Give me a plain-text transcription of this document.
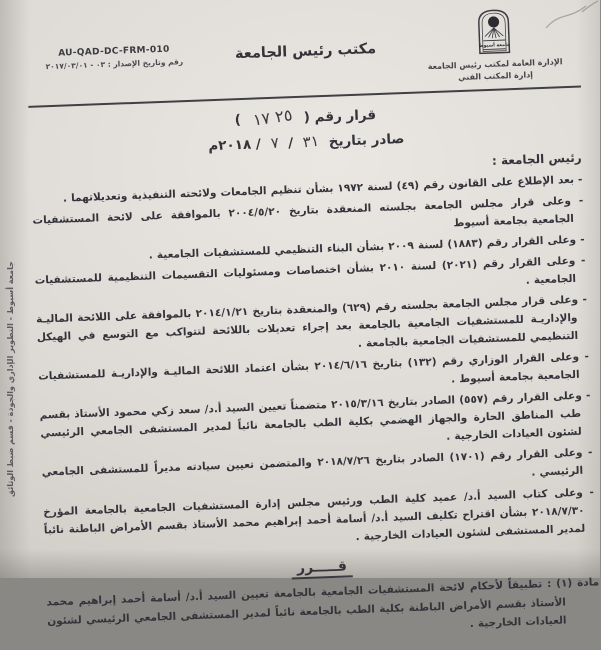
جامعة أسيوط
الإدارة العامة لمكتب رئيس الجامعة
إدارة المكتب الفني
مكتب رئيس الجامعة
AU-QAD-DC-FRM-010
رقم وتاريخ الإصدار : ٠٣ - ٢٠١٧/٠٣/٠١
قرار رقم ( ٢٥ ١٧ )
صادر بتاريخ ٣١ / ٧ / ٢٠١٨م
رئيس الجامعة :
- بعد الإطلاع على القانون رقم (٤٩) لسنة ١٩٧٢ بشأن تنظيم الجامعات ولائحته التنفيذية وتعديلاتهما .
- وعلى قرار مجلس الجامعة بجلسته المنعقدة بتاريخ ٢٠٠٤/٥/٢٠ بالموافقة على لائحة المستشفيات الجامعية بجامعة أسيوط
- وعلى القرار رقم (١٨٨٣) لسنة ٢٠٠٩ بشأن البناء التنظيمي للمستشفيات الجامعية .
- وعلى القرار رقم (٢٠٢١) لسنة ٢٠١٠ بشأن اختصاصات ومسئوليات التقسيمات التنظيمية للمستشفيات الجامعية .
- وعلى قرار مجلس الجامعة بجلسته رقم (٦٢٩) والمنعقدة بتاريخ ٢٠١٤/١/٢١ بالموافقة على اللائحة الماليـة والإداريـة للمستشفيات الجامعية بالجامعة بعد إجراء تعديلات باللائحة لتتواكب مع التوسع في الهيكل التنظيمي للمستشفيات الجامعية بالجامعة .
- وعلى القرار الوزاري رقم (١٣٢) بتاريخ ٢٠١٤/٦/١٦ بشأن اعتماد اللائحة الماليـة والإداريـة للمستشفيات الجامعية بجامعة أسيوط .
- وعلى القرار رقم (٥٥٧) الصادر بتاريخ ٢٠١٥/٣/١٦ متضمناً تعيين السيد أ.د/ سعد زكي محمود الأستاذ بقسم طب المناطق الحارة والجهاز الهضمي بكلية الطب بالجامعة نائباً لمدير المستشفى الجامعي الرئيسي لشئون العيادات الخارجية .
- وعلى القرار رقم (١٧٠١) الصادر بتاريخ ٢٠١٨/٧/٢٦ والمتضمن تعيين سيادته مديراً للمستشفى الجامعي الرئيسي .
- وعلى كتاب السيد أ.د/ عميد كلية الطب ورئيس مجلس إدارة المستشفيات الجامعية بالجامعة المؤرخ ٢٠١٨/٧/٣٠ بشأن اقتراح تكليف السيد أ.د/ أسامة أحمد إبراهيم محمد الأستاذ بقسم الأمراض الباطنة نائباً لمدير المستشفى لشئون العيادات الخارجية .
قـــــرر
مادة (١) : تطبيقاً لأحكام لائحة المستشفيات الجامعية بالجامعة تعيين السيد أ.د/ أسامة أحمد إبراهيم محمد الأستاذ بقسم الأمراض الباطنة بكلية الطب بالجامعة نائباً لمدير المستشفى الجامعي الرئيسي لشئون العيادات الخارجية .
جامعة أسيوط - التطوير الإداري والجودة - قسم ضبط الوثائق
